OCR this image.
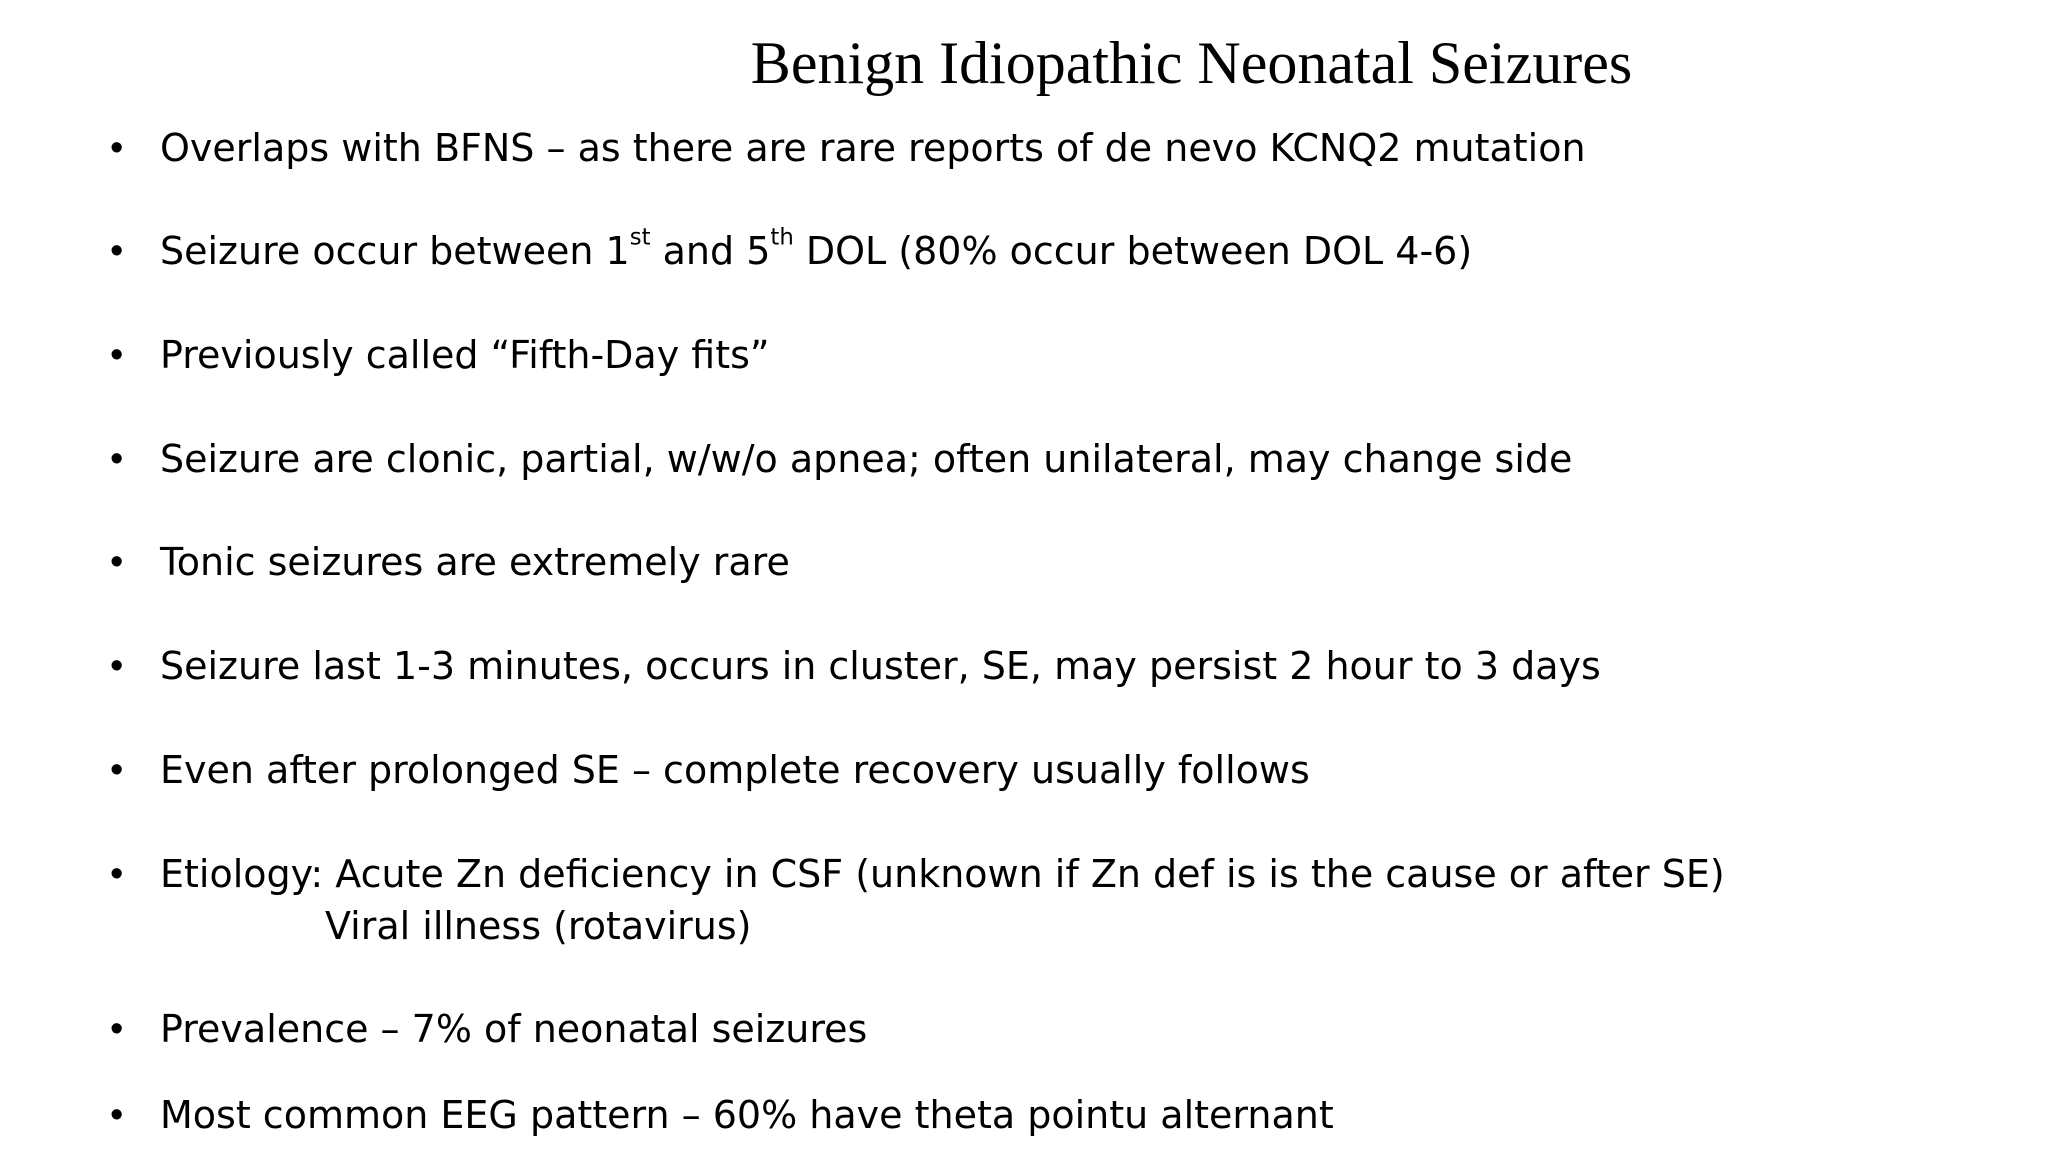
Benign Idiopathic Neonatal Seizures
• Overlaps with BFNS – as there are rare reports of de nevo KCNQ2 mutation
• Seizure occur between 1st and 5th DOL (80% occur between DOL 4-6)
• Previously called “Fifth-Day fits”
• Seizure are clonic, partial, w/w/o apnea; often unilateral, may change side
• Tonic seizures are extremely rare
• Seizure last 1-3 minutes, occurs in cluster, SE, may persist 2 hour to 3 days
• Even after prolonged SE – complete recovery usually follows
• Etiology: Acute Zn deficiency in CSF (unknown if Zn def is is the cause or after SE)
Viral illness (rotavirus)
• Prevalence – 7% of neonatal seizures
• Most common EEG pattern – 60% have theta pointu alternant
